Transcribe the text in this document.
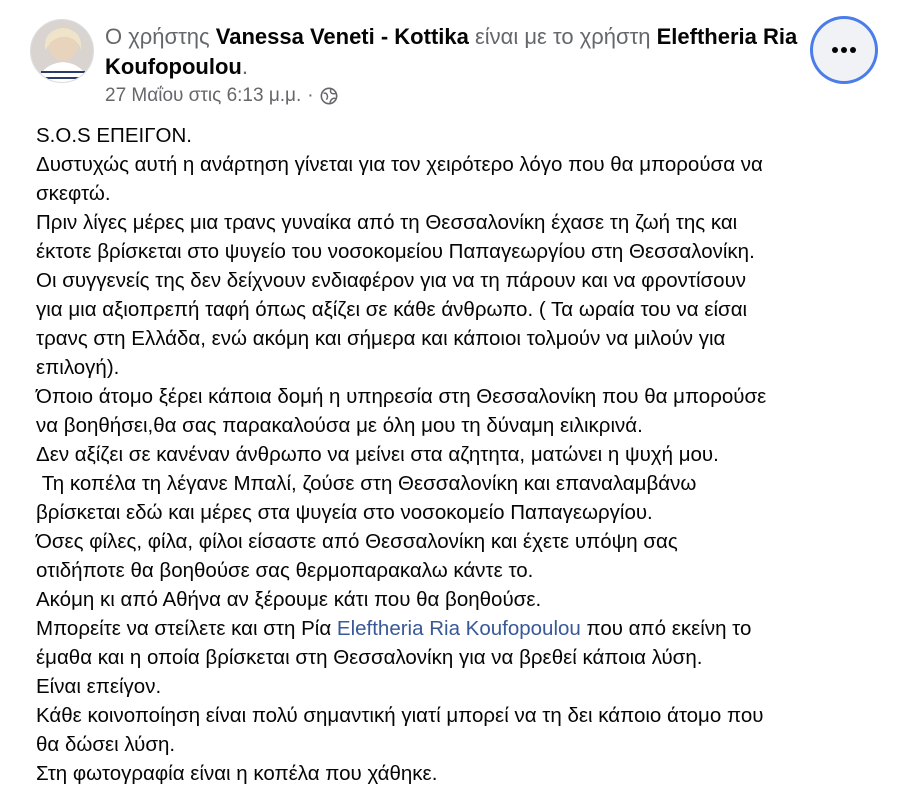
Ο χρήστης Vanessa Veneti - Kottika είναι με το χρήστη Eleftheria Ria Koufopoulou.
27 Μαΐου στις 6:13 μ.μ. ·

S.O.S ΕΠΕΙΓΟΝ.

Δυστυχώς αυτή η ανάρτηση γίνεται για τον χειρότερο λόγο που θα μπορούσα να
σκεφτώ.

Πριν λίγες μέρες μια τρανς γυναίκα από τη Θεσσαλονίκη έχασε τη ζωή της και
έκτοτε βρίσκεται στο ψυγείο του νοσοκομείου Παπαγεωργίου στη Θεσσαλονίκη.

Οι συγγενείς της δεν δείχνουν ενδιαφέρον για να τη πάρουν και να φροντίσουν
για μια αξιοπρεπή ταφή όπως αξίζει σε κάθε άνθρωπο. ( Τα ωραία του να είσαι
τρανς στη Ελλάδα, ενώ ακόμη και σήμερα και κάποιοι τολμούν να μιλούν για
επιλογή).

Όποιο άτομο ξέρει κάποια δομή η υπηρεσία στη Θεσσαλονίκη που θα μπορούσε
να βοηθήσει,θα σας παρακαλούσα με όλη μου τη δύναμη ειλικρινά.

Δεν αξίζει σε κανέναν άνθρωπο να μείνει στα αζητητα, ματώνει η ψυχή μου.

Τη κοπέλα τη λέγανε Μπαλί, ζούσε στη Θεσσαλονίκη και επαναλαμβάνω
βρίσκεται εδώ και μέρες στα ψυγεία στο νοσοκομείο Παπαγεωργίου.

Όσες φίλες, φίλα, φίλοι είσαστε από Θεσσαλονίκη και έχετε υπόψη σας
οτιδήποτε θα βοηθούσε σας θερμοπαρακαλω κάντε το.

Ακόμη κι από Αθήνα αν ξέρουμε κάτι που θα βοηθούσε.

Μπορείτε να στείλετε και στη Ρία Eleftheria Ria Koufopoulou που από εκείνη το
έμαθα και η οποία βρίσκεται στη Θεσσαλονίκη για να βρεθεί κάποια λύση.

Είναι επείγον.

Κάθε κοινοποίηση είναι πολύ σημαντική γιατί μπορεί να τη δει κάποιο άτομο που
θα δώσει λύση.

Στη φωτογραφία είναι η κοπέλα που χάθηκε.
